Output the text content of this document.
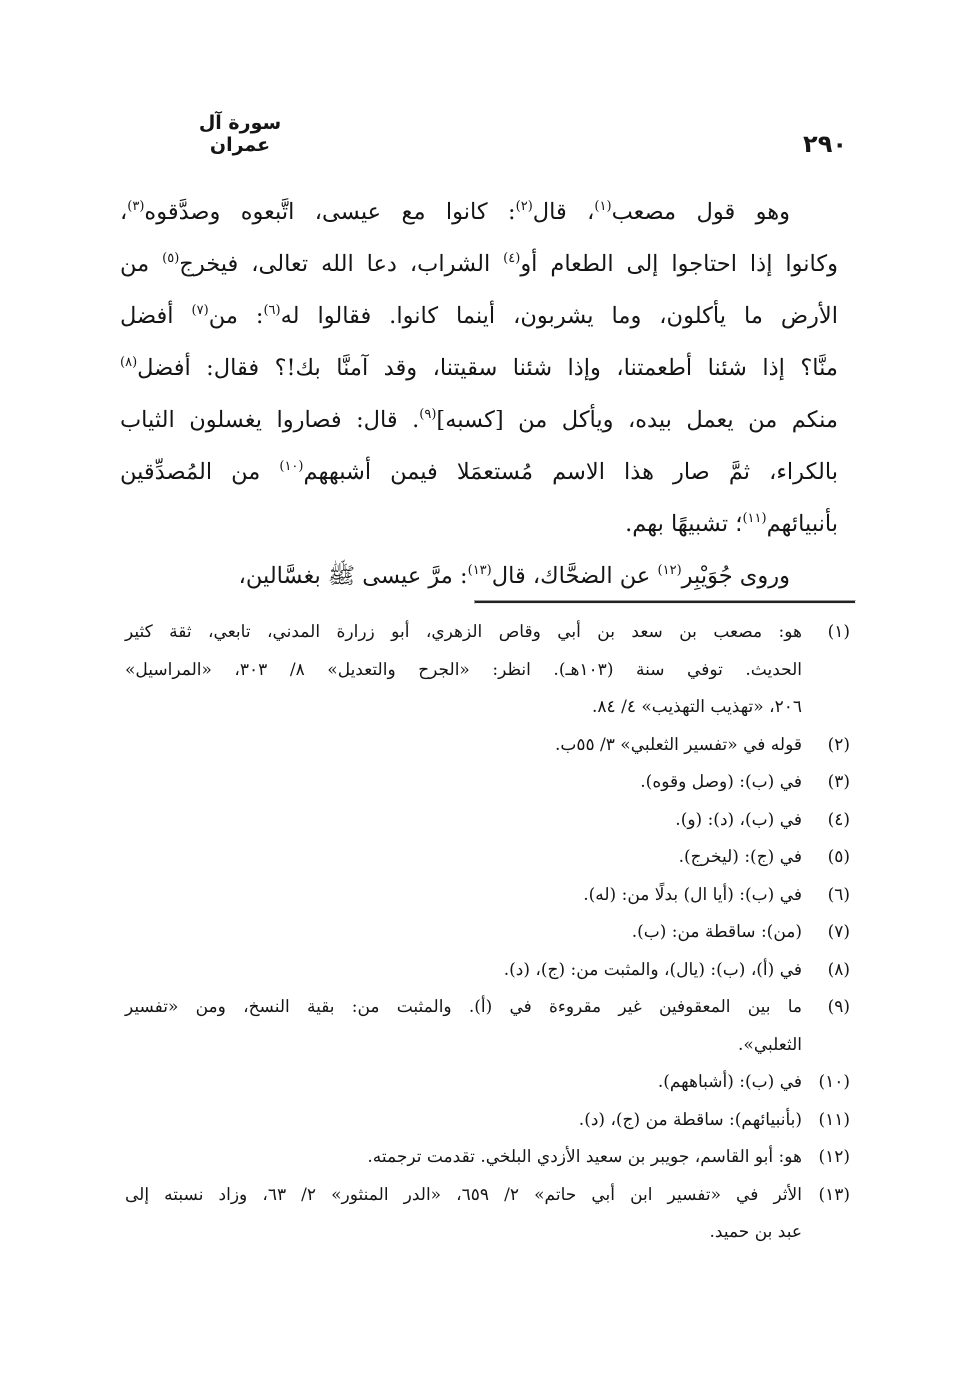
سورة آل عمران	٢٩٠

وهو قول مصعب$^{(١)}$، قال$^{(٢)}$: كانوا مع عيسى، اتَّبعوه وصدَّقوه$^{(٣)}$،

وكانوا إذا احتاجوا إلى الطعام أو$^{(٤)}$ الشراب، دعا الله تعالى، فيخرج$^{(٥)}$ من

الأرض ما يأكلون، وما يشربون، أينما كانوا. فقالوا له$^{(٦)}$: من$^{(٧)}$ أفضل

منَّا؟ إذا شئنا أطعمتنا، وإذا شئنا سقيتنا، وقد آمنَّا بك!؟ فقال: أفضل$^{(٨)}$

منكم من يعمل بيده، ويأكل من [كسبه]$^{(٩)}$. قال: فصاروا يغسلون الثياب

بالكراء، ثمَّ صار هذا الاسم مُستعمَلا فيمن أشبههم$^{(١٠)}$ من المُصدِّقين

بأنبيائهم$^{(١١)}$؛ تشبيهًا بهم.

وروى جُوَيْبِر$^{(١٢)}$ عن الضحَّاك، قال$^{(١٣)}$: مرَّ عيسى ﷺ بغسَّالين،

(١)
هو: مصعب بن سعد بن أبي وقاص الزهري، أبو زرارة المدني، تابعي، ثقة كثير
الحديث. توفي سنة (١٠٣هـ). انظر: «الجرح والتعديل» ٨/ ٣٠٣، «المراسيل»
٢٠٦، «تهذيب التهذيب» ٤/ ٨٤.
(٢)
قوله في «تفسير الثعلبي» ٣/ ٥٥ب.
(٣)
في (ب): (وصل وقوه).
(٤)
في (ب)، (د): (و).
(٥)
في (ج): (ليخرج).
(٦)
في (ب): (أيا ال) بدلًا من: (له).
(٧)
(من): ساقطة من: (ب).
(٨)
في (أ)، (ب): (يال)، والمثبت من: (ج)، (د).
(٩)
ما بين المعقوفين غير مقروءة في (أ). والمثبت من: بقية النسخ، ومن «تفسير
الثعلبي».
(١٠)
في (ب): (أشباههم).
(١١)
(بأنبيائهم): ساقطة من (ج)، (د).
(١٢)
هو: أبو القاسم، جويبر بن سعيد الأزدي البلخي. تقدمت ترجمته.
(١٣)
الأثر في «تفسير ابن أبي حاتم» ٢/ ٦٥٩، «الدر المنثور» ٢/ ٦٣، وزاد نسبته إلى
عبد بن حميد.
